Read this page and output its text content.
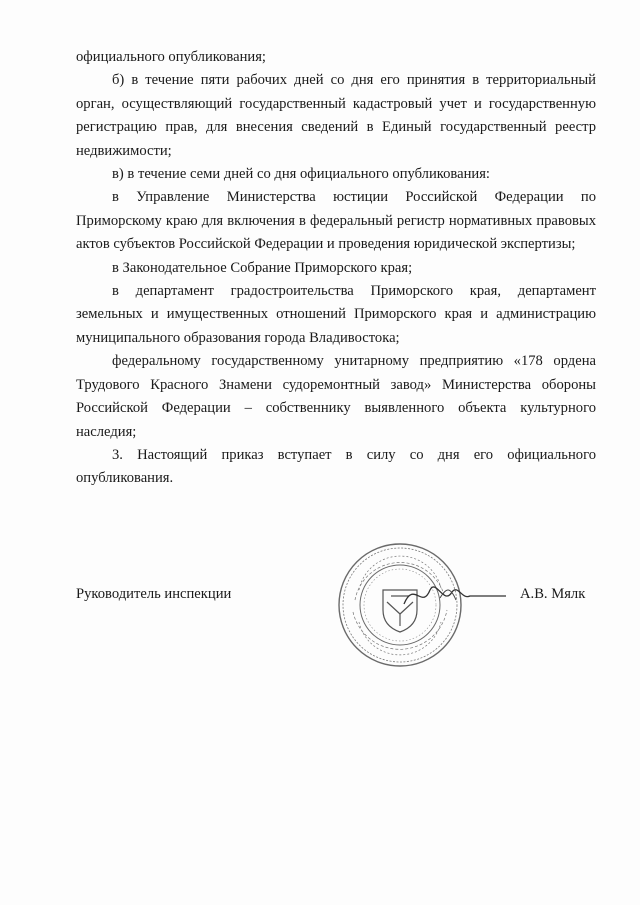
официального опубликования;

б) в течение пяти рабочих дней со дня его принятия в территориальный орган, осуществляющий государственный кадастровый учет и государственную регистрацию прав, для внесения сведений в Единый государственный реестр недвижимости;

в) в течение семи дней со дня официального опубликования:

в Управление Министерства юстиции Российской Федерации по Приморскому краю для включения в федеральный регистр нормативных правовых актов субъектов Российской Федерации и проведения юридической экспертизы;

в Законодательное Собрание Приморского края;

в департамент градостроительства Приморского края, департамент земельных и имущественных отношений Приморского края и администрацию муниципального образования города Владивостока;

федеральному государственному унитарному предприятию «178 ордена Трудового Красного Знамени судоремонтный завод» Министерства обороны Российской Федерации – собственнику выявленного объекта культурного наследия;

3. Настоящий приказ вступает в силу со дня его официального опубликования.

Руководитель инспекции	А.В. Мялк
